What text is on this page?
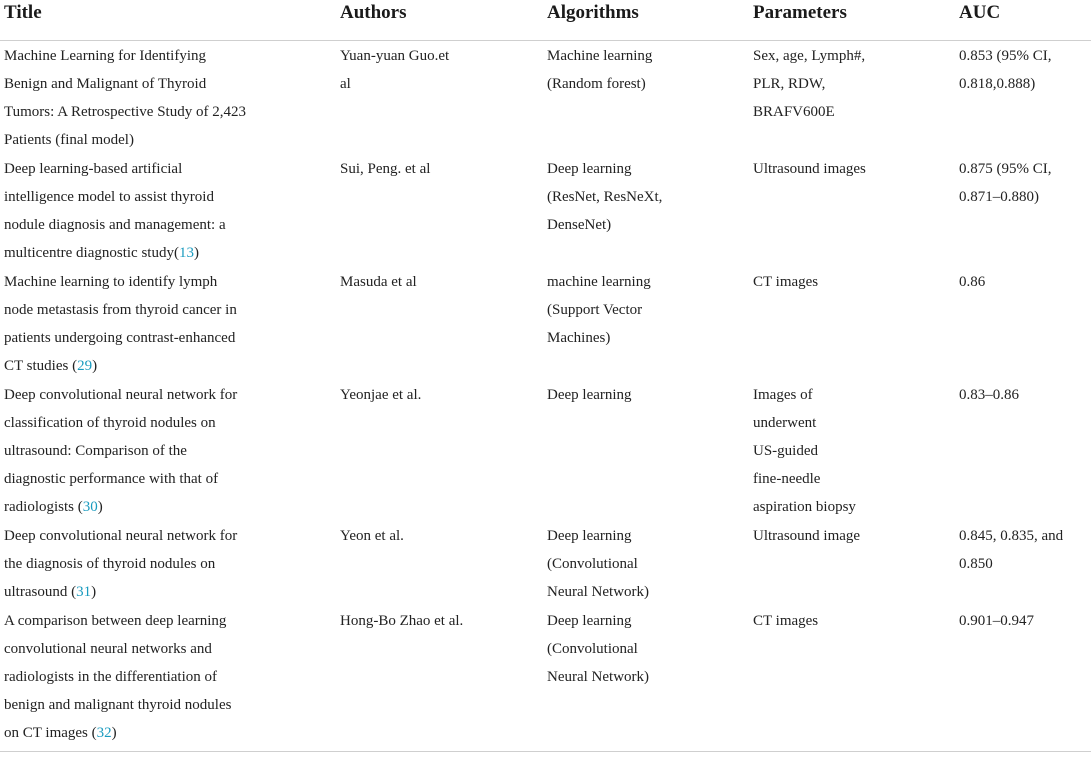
Title	Authors	Algorithms	Parameters	AUC

Machine Learning for Identifying
Benign and Malignant of Thyroid
Tumors: A Retrospective Study of 2,423
Patients (final model)	Yuan-yuan Guo.et
al	Machine learning
(Random forest)	Sex, age, Lymph#,
PLR, RDW,
BRAFV600E	0.853 (95% CI,
0.818,0.888)

Deep learning-based artificial
intelligence model to assist thyroid
nodule diagnosis and management: a
multicentre diagnostic study(13)	Sui, Peng. et al	Deep learning
(ResNet, ResNeXt,
DenseNet)	Ultrasound images	0.875 (95% CI,
0.871–0.880)

Machine learning to identify lymph
node metastasis from thyroid cancer in
patients undergoing contrast-enhanced
CT studies (29)	Masuda et al	machine learning
(Support Vector
Machines)	CT images	0.86

Deep convolutional neural network for
classification of thyroid nodules on
ultrasound: Comparison of the
diagnostic performance with that of
radiologists (30)	Yeonjae et al.	Deep learning	Images of
underwent
US-guided
fine-needle
aspiration biopsy	0.83–0.86

Deep convolutional neural network for
the diagnosis of thyroid nodules on
ultrasound (31)	Yeon et al.	Deep learning
(Convolutional
Neural Network)	Ultrasound image	0.845, 0.835, and
0.850

A comparison between deep learning
convolutional neural networks and
radiologists in the differentiation of
benign and malignant thyroid nodules
on CT images (32)	Hong-Bo Zhao et al.	Deep learning
(Convolutional
Neural Network)	CT images	0.901–0.947
